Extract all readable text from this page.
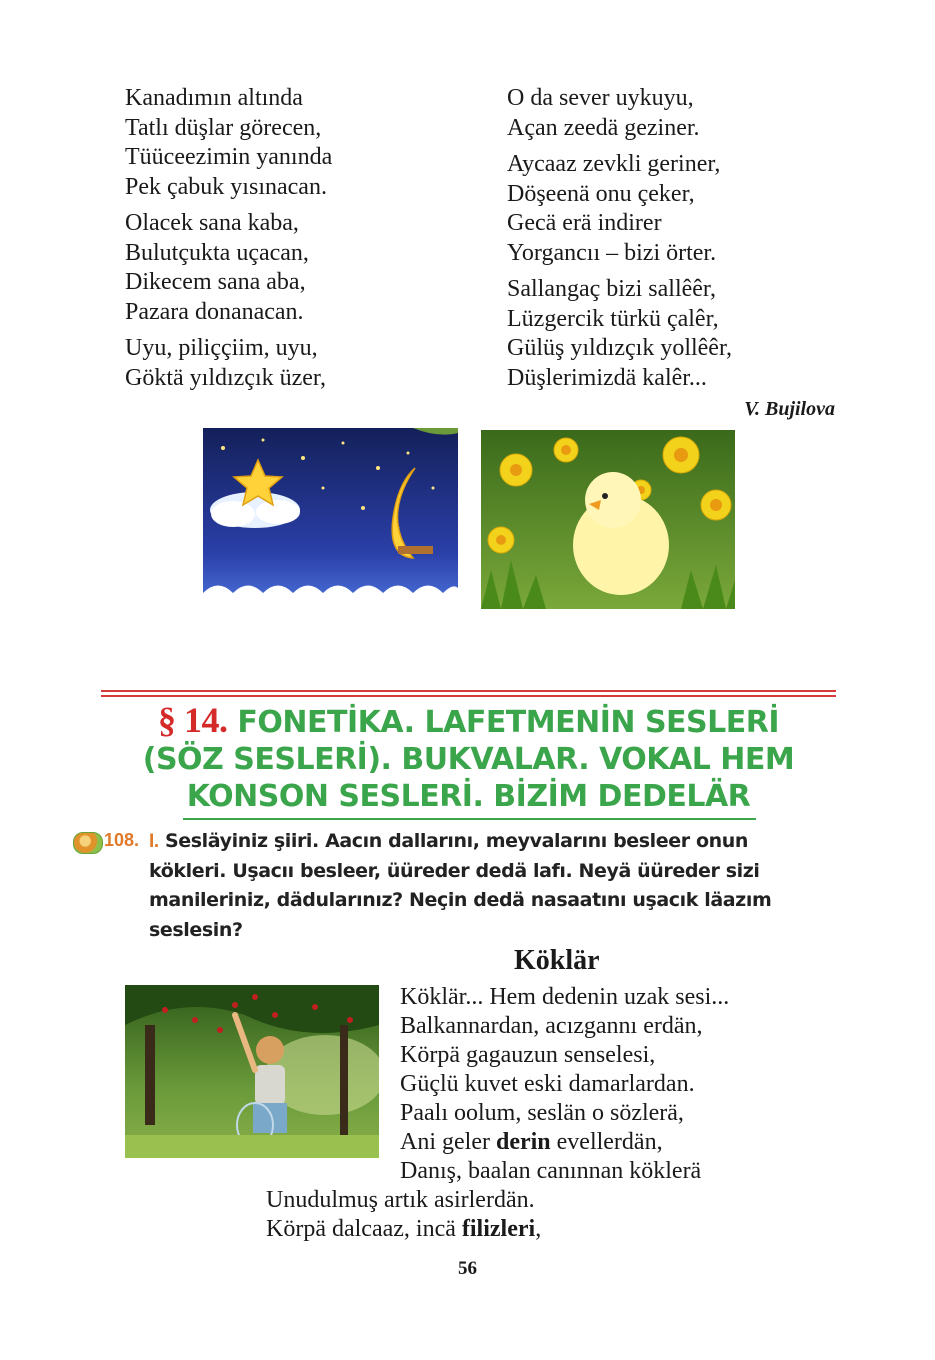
Kanadımın altında
Tatlı düşlar görecen,
Tüüceezimin yanında
Pek çabuk yısınacan.
Olacek sana kaba,
Bulutçukta uçacan,
Dikecem sana aba,
Pazara donanacan.
Uyu, piliççiim, uyu,
Göktä yıldızçık üzer,
O da sever uykuyu,
Açan zeedä geziner.
Aycaaz zevkli geriner,
Döşeenä onu çeker,
Gecä erä indirer
Yorgancıı – bizi örter.
Sallangaç bizi sallêêr,
Lüzgercik türkü çalêr,
Gülüş yıldızçık yollêêr,
Düşlerimizdä kalêr...
V. Bujilova
§ 14. FONETİKA. LAFETMENİN SESLERİ
(SÖZ SESLERİ). BUKVALAR. VOKAL HEM
KONSON SESLERİ. BİZİM DEDELÄR
108. I. Sesläyiniz şiiri. Aacın dallarını, meyvalarını besleer onun
kökleri. Uşacıı besleer, üüreder dedä lafı. Neyä üüreder sizi
manileriniz, dädularınız? Neçin dedä nasaatını uşacık läazım
seslesin?
Köklär
Köklär... Hem dedenin uzak sesi...
Balkannardan, acızgannı erdän,
Körpä gagauzun senselesi,
Güçlü kuvet eski damarlardan.
Paalı oolum, seslän o sözlerä,
Ani geler derin evellerdän,
Danış, baalan canınnan köklerä
Unudulmuş artık asirlerdän.
Körpä dalcaaz, incä filizleri,
56
